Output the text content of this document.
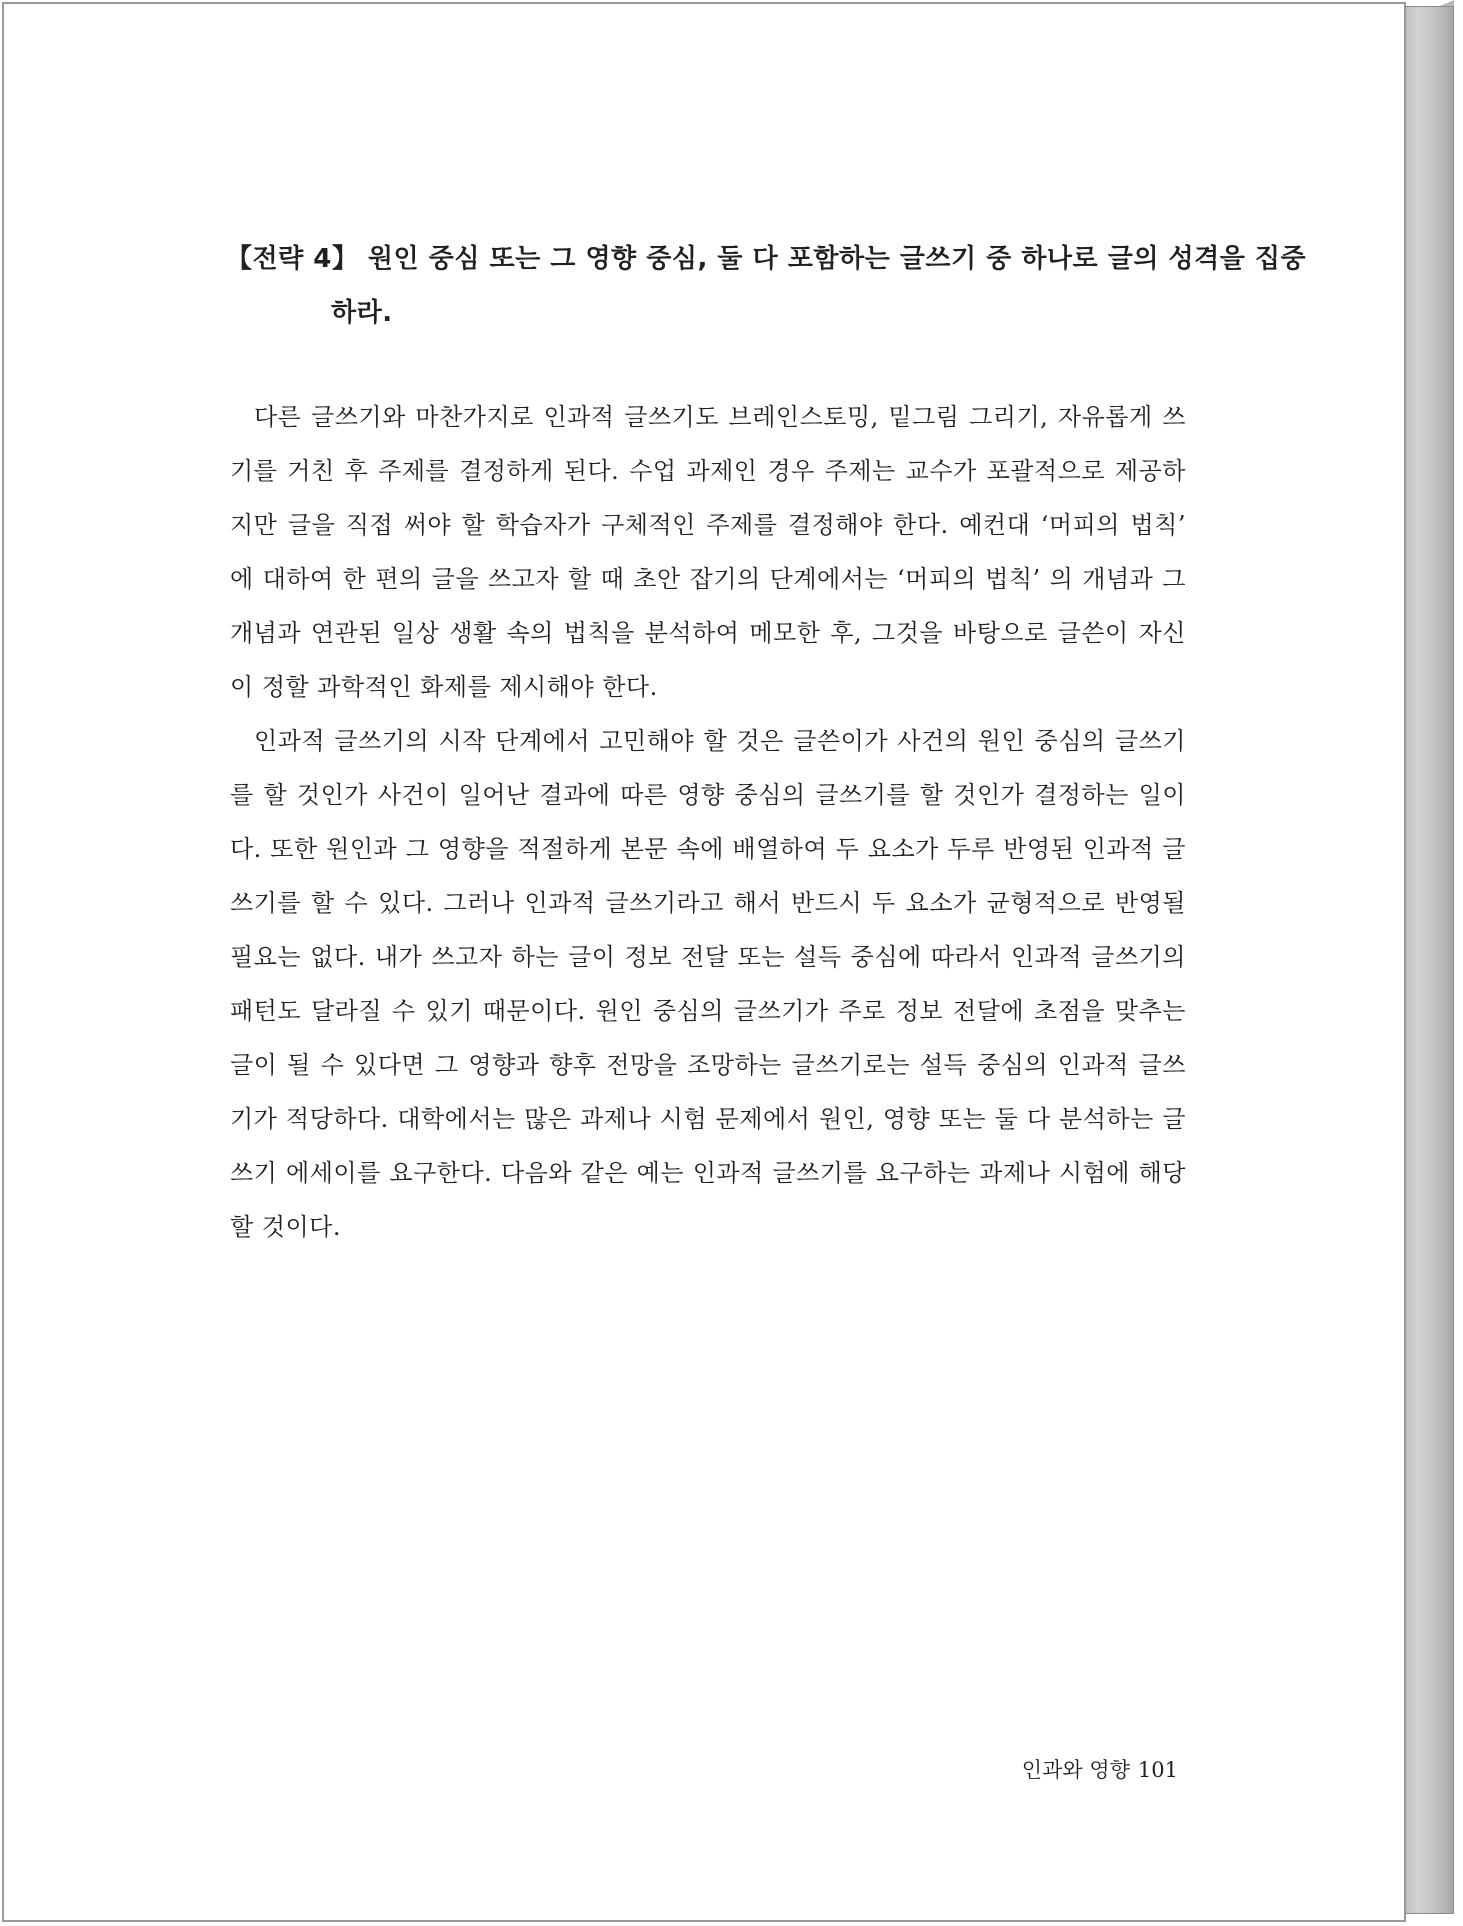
【전략 4】 원인 중심 또는 그 영향 중심, 둘 다 포함하는 글쓰기 중 하나로 글의 성격을 집중
하라.

다른 글쓰기와 마찬가지로 인과적 글쓰기도 브레인스토밍, 밑그림 그리기, 자유롭게 쓰기를 거친 후 주제를 결정하게 된다. 수업 과제인 경우 주제는 교수가 포괄적으로 제공하지만 글을 직접 써야 할 학습자가 구체적인 주제를 결정해야 한다. 예컨대 ‘머피의 법칙’ 에 대하여 한 편의 글을 쓰고자 할 때 초안 잡기의 단계에서는 ‘머피의 법칙’ 의 개념과 그 개념과 연관된 일상 생활 속의 법칙을 분석하여 메모한 후, 그것을 바탕으로 글쓴이 자신이 정할 과학적인 화제를 제시해야 한다.

인과적 글쓰기의 시작 단계에서 고민해야 할 것은 글쓴이가 사건의 원인 중심의 글쓰기를 할 것인가 사건이 일어난 결과에 따른 영향 중심의 글쓰기를 할 것인가 결정하는 일이다. 또한 원인과 그 영향을 적절하게 본문 속에 배열하여 두 요소가 두루 반영된 인과적 글쓰기를 할 수 있다. 그러나 인과적 글쓰기라고 해서 반드시 두 요소가 균형적으로 반영될 필요는 없다. 내가 쓰고자 하는 글이 정보 전달 또는 설득 중심에 따라서 인과적 글쓰기의 패턴도 달라질 수 있기 때문이다. 원인 중심의 글쓰기가 주로 정보 전달에 초점을 맞추는 글이 될 수 있다면 그 영향과 향후 전망을 조망하는 글쓰기로는 설득 중심의 인과적 글쓰기가 적당하다. 대학에서는 많은 과제나 시험 문제에서 원인, 영향 또는 둘 다 분석하는 글쓰기 에세이를 요구한다. 다음와 같은 예는 인과적 글쓰기를 요구하는 과제나 시험에 해당할 것이다.

인과와 영향 101
